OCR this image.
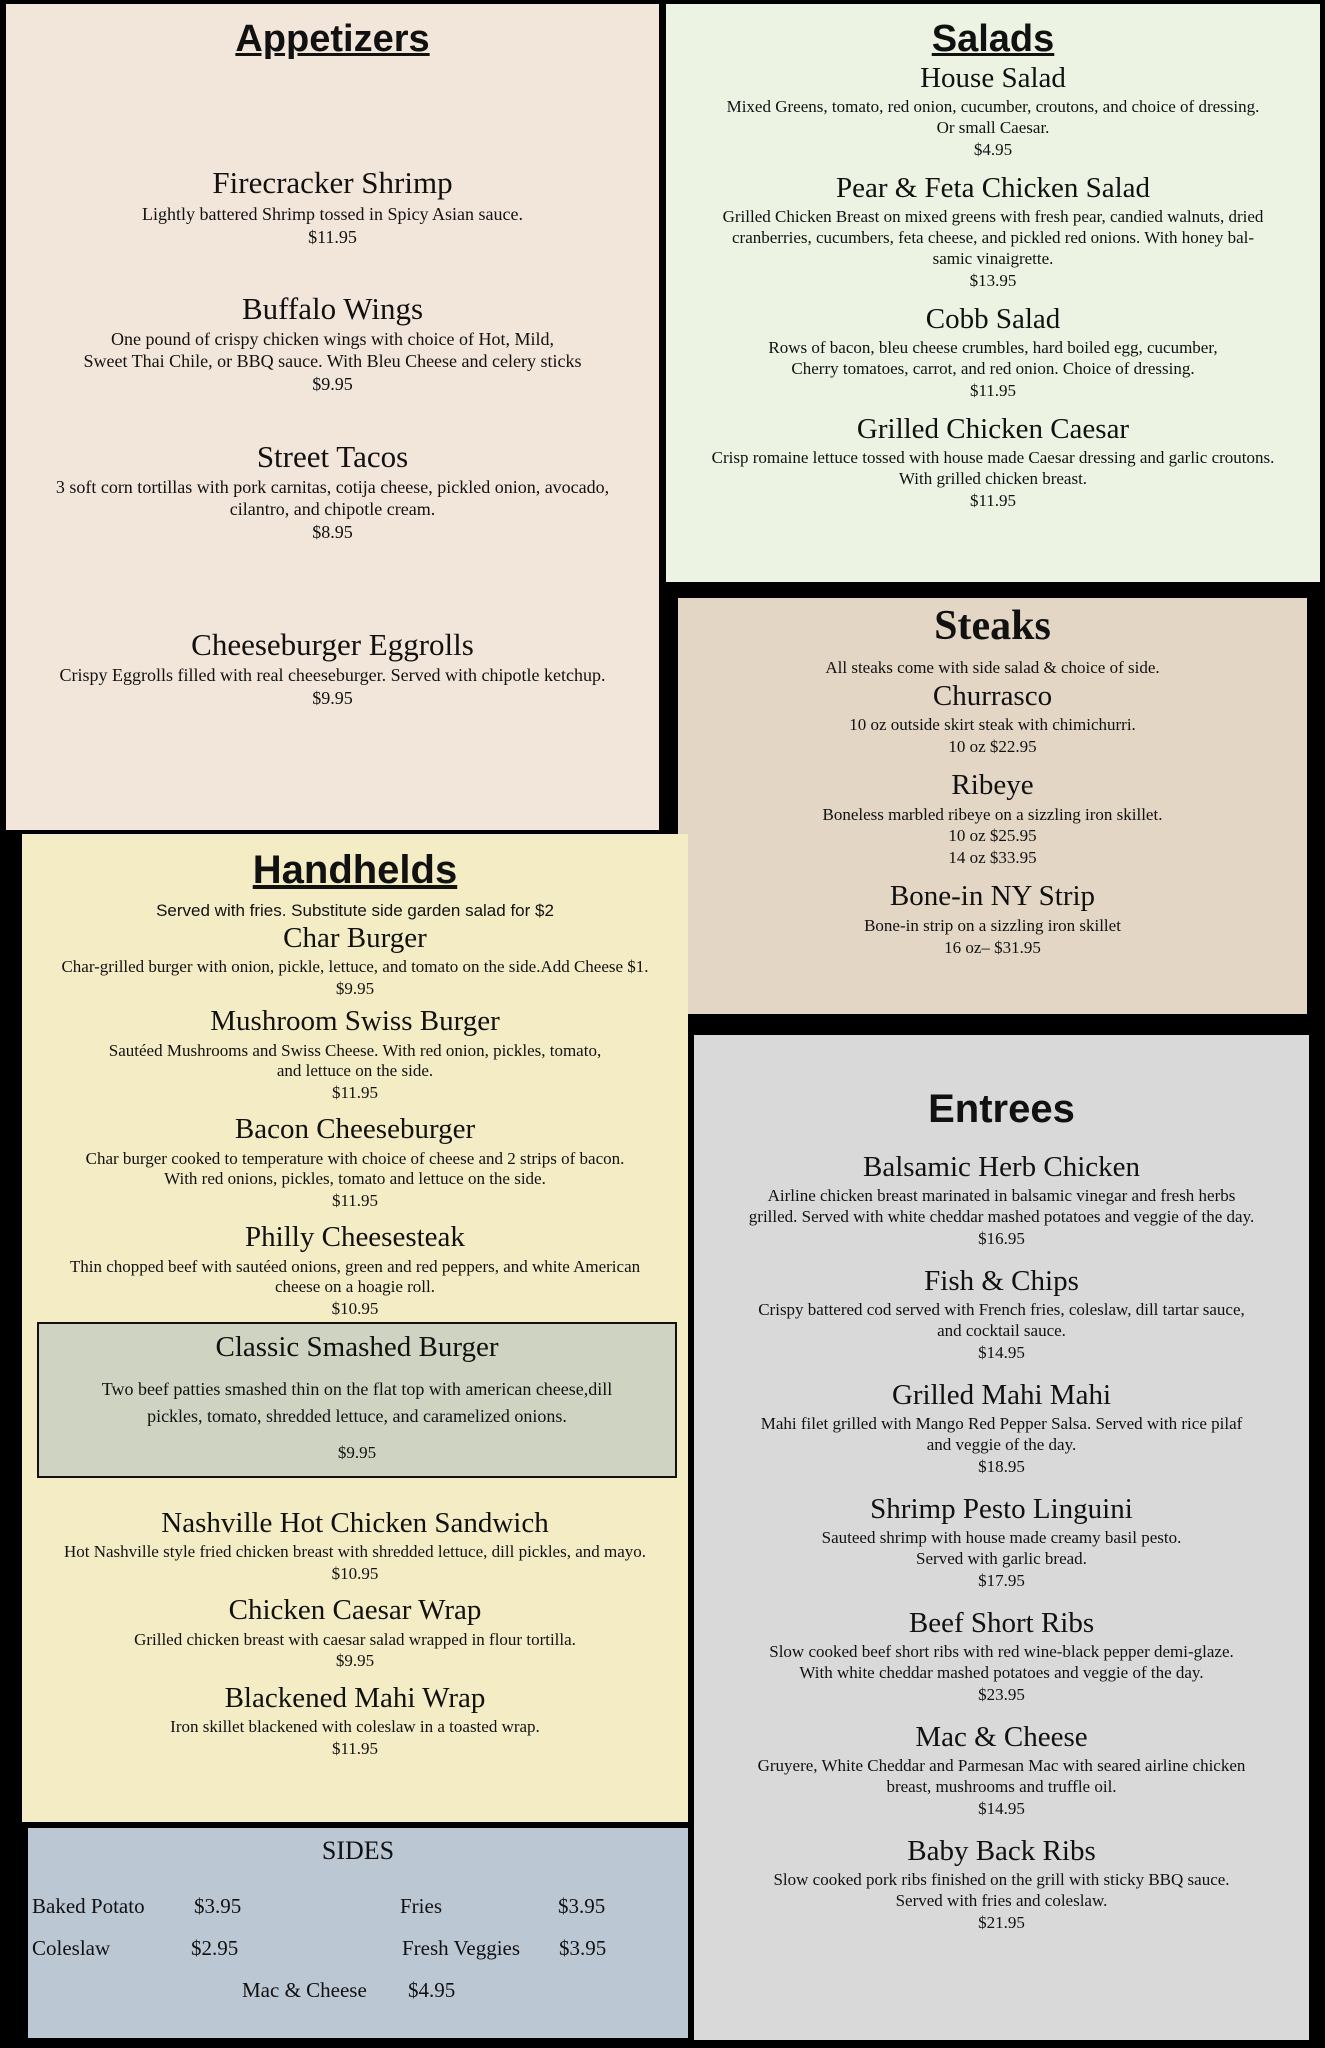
Appetizers

Firecracker Shrimp

Lightly battered Shrimp tossed in Spicy Asian sauce.

$11.95

Buffalo Wings

One pound of crispy chicken wings with choice of Hot, Mild,

Sweet Thai Chile, or BBQ sauce. With Bleu Cheese and celery sticks

$9.95

Street Tacos

3 soft corn tortillas with pork carnitas, cotija cheese, pickled onion, avocado,

cilantro, and chipotle cream.

$8.95

Cheeseburger Eggrolls

Crispy Eggrolls filled with real cheeseburger. Served with chipotle ketchup.

$9.95

Salads

House Salad

Mixed Greens, tomato, red onion, cucumber, croutons, and choice of dressing.

Or small Caesar.

$4.95

Pear & Feta Chicken Salad

Grilled Chicken Breast on mixed greens with fresh pear, candied walnuts, dried

cranberries, cucumbers, feta cheese, and pickled red onions. With honey bal-

samic vinaigrette.

$13.95

Cobb Salad

Rows of bacon, bleu cheese crumbles, hard boiled egg, cucumber,

Cherry tomatoes, carrot, and red onion. Choice of dressing.

$11.95

Grilled Chicken Caesar

Crisp romaine lettuce tossed with house made Caesar dressing and garlic croutons.

With grilled chicken breast.

$11.95

Steaks

All steaks come with side salad & choice of side.

Churrasco

10 oz outside skirt steak with chimichurri.

10 oz $22.95

Ribeye

Boneless marbled ribeye on a sizzling iron skillet.

10 oz $25.95

14 oz $33.95

Bone-in NY Strip

Bone-in strip on a sizzling iron skillet

16 oz– $31.95

Handhelds

Served with fries. Substitute side garden salad for $2

Char Burger

Char-grilled burger with onion, pickle, lettuce, and tomato on the side.Add Cheese $1.

$9.95

Mushroom Swiss Burger

Sautéed Mushrooms and Swiss Cheese. With red onion, pickles, tomato,

and lettuce on the side.

$11.95

Bacon Cheeseburger

Char burger cooked to temperature with choice of cheese and 2 strips of bacon.

With red onions, pickles, tomato and lettuce on the side.

$11.95

Philly Cheesesteak

Thin chopped beef with sautéed onions, green and red peppers, and white American

cheese on a hoagie roll.

$10.95

Classic Smashed Burger

Two beef patties smashed thin on the flat top with american cheese,dill

pickles, tomato, shredded lettuce, and caramelized onions.

$9.95

Nashville Hot Chicken Sandwich

Hot Nashville style fried chicken breast with shredded lettuce, dill pickles, and mayo.

$10.95

Chicken Caesar Wrap

Grilled chicken breast with caesar salad wrapped in flour tortilla.

$9.95

Blackened Mahi Wrap

Iron skillet blackened with coleslaw in a toasted wrap.

$11.95

Entrees

Balsamic Herb Chicken

Airline chicken breast marinated in balsamic vinegar and fresh herbs

grilled. Served with white cheddar mashed potatoes and veggie of the day.

$16.95

Fish & Chips

Crispy battered cod served with French fries, coleslaw, dill tartar sauce,

and cocktail sauce.

$14.95

Grilled Mahi Mahi

Mahi filet grilled with Mango Red Pepper Salsa. Served with rice pilaf

and veggie of the day.

$18.95

Shrimp Pesto Linguini

Sauteed shrimp with house made creamy basil pesto.

Served with garlic bread.

$17.95

Beef Short Ribs

Slow cooked beef short ribs with red wine-black pepper demi-glaze.

With white cheddar mashed potatoes and veggie of the day.

$23.95

Mac & Cheese

Gruyere, White Cheddar and Parmesan Mac with seared airline chicken

breast, mushrooms and truffle oil.

$14.95

Baby Back Ribs

Slow cooked pork ribs finished on the grill with sticky BBQ sauce.

Served with fries and coleslaw.

$21.95

SIDES

Baked Potato $3.95	Fries	$3.95
Coleslaw	$2.95	Fresh Veggies $3.95
Mac & Cheese $4.95
